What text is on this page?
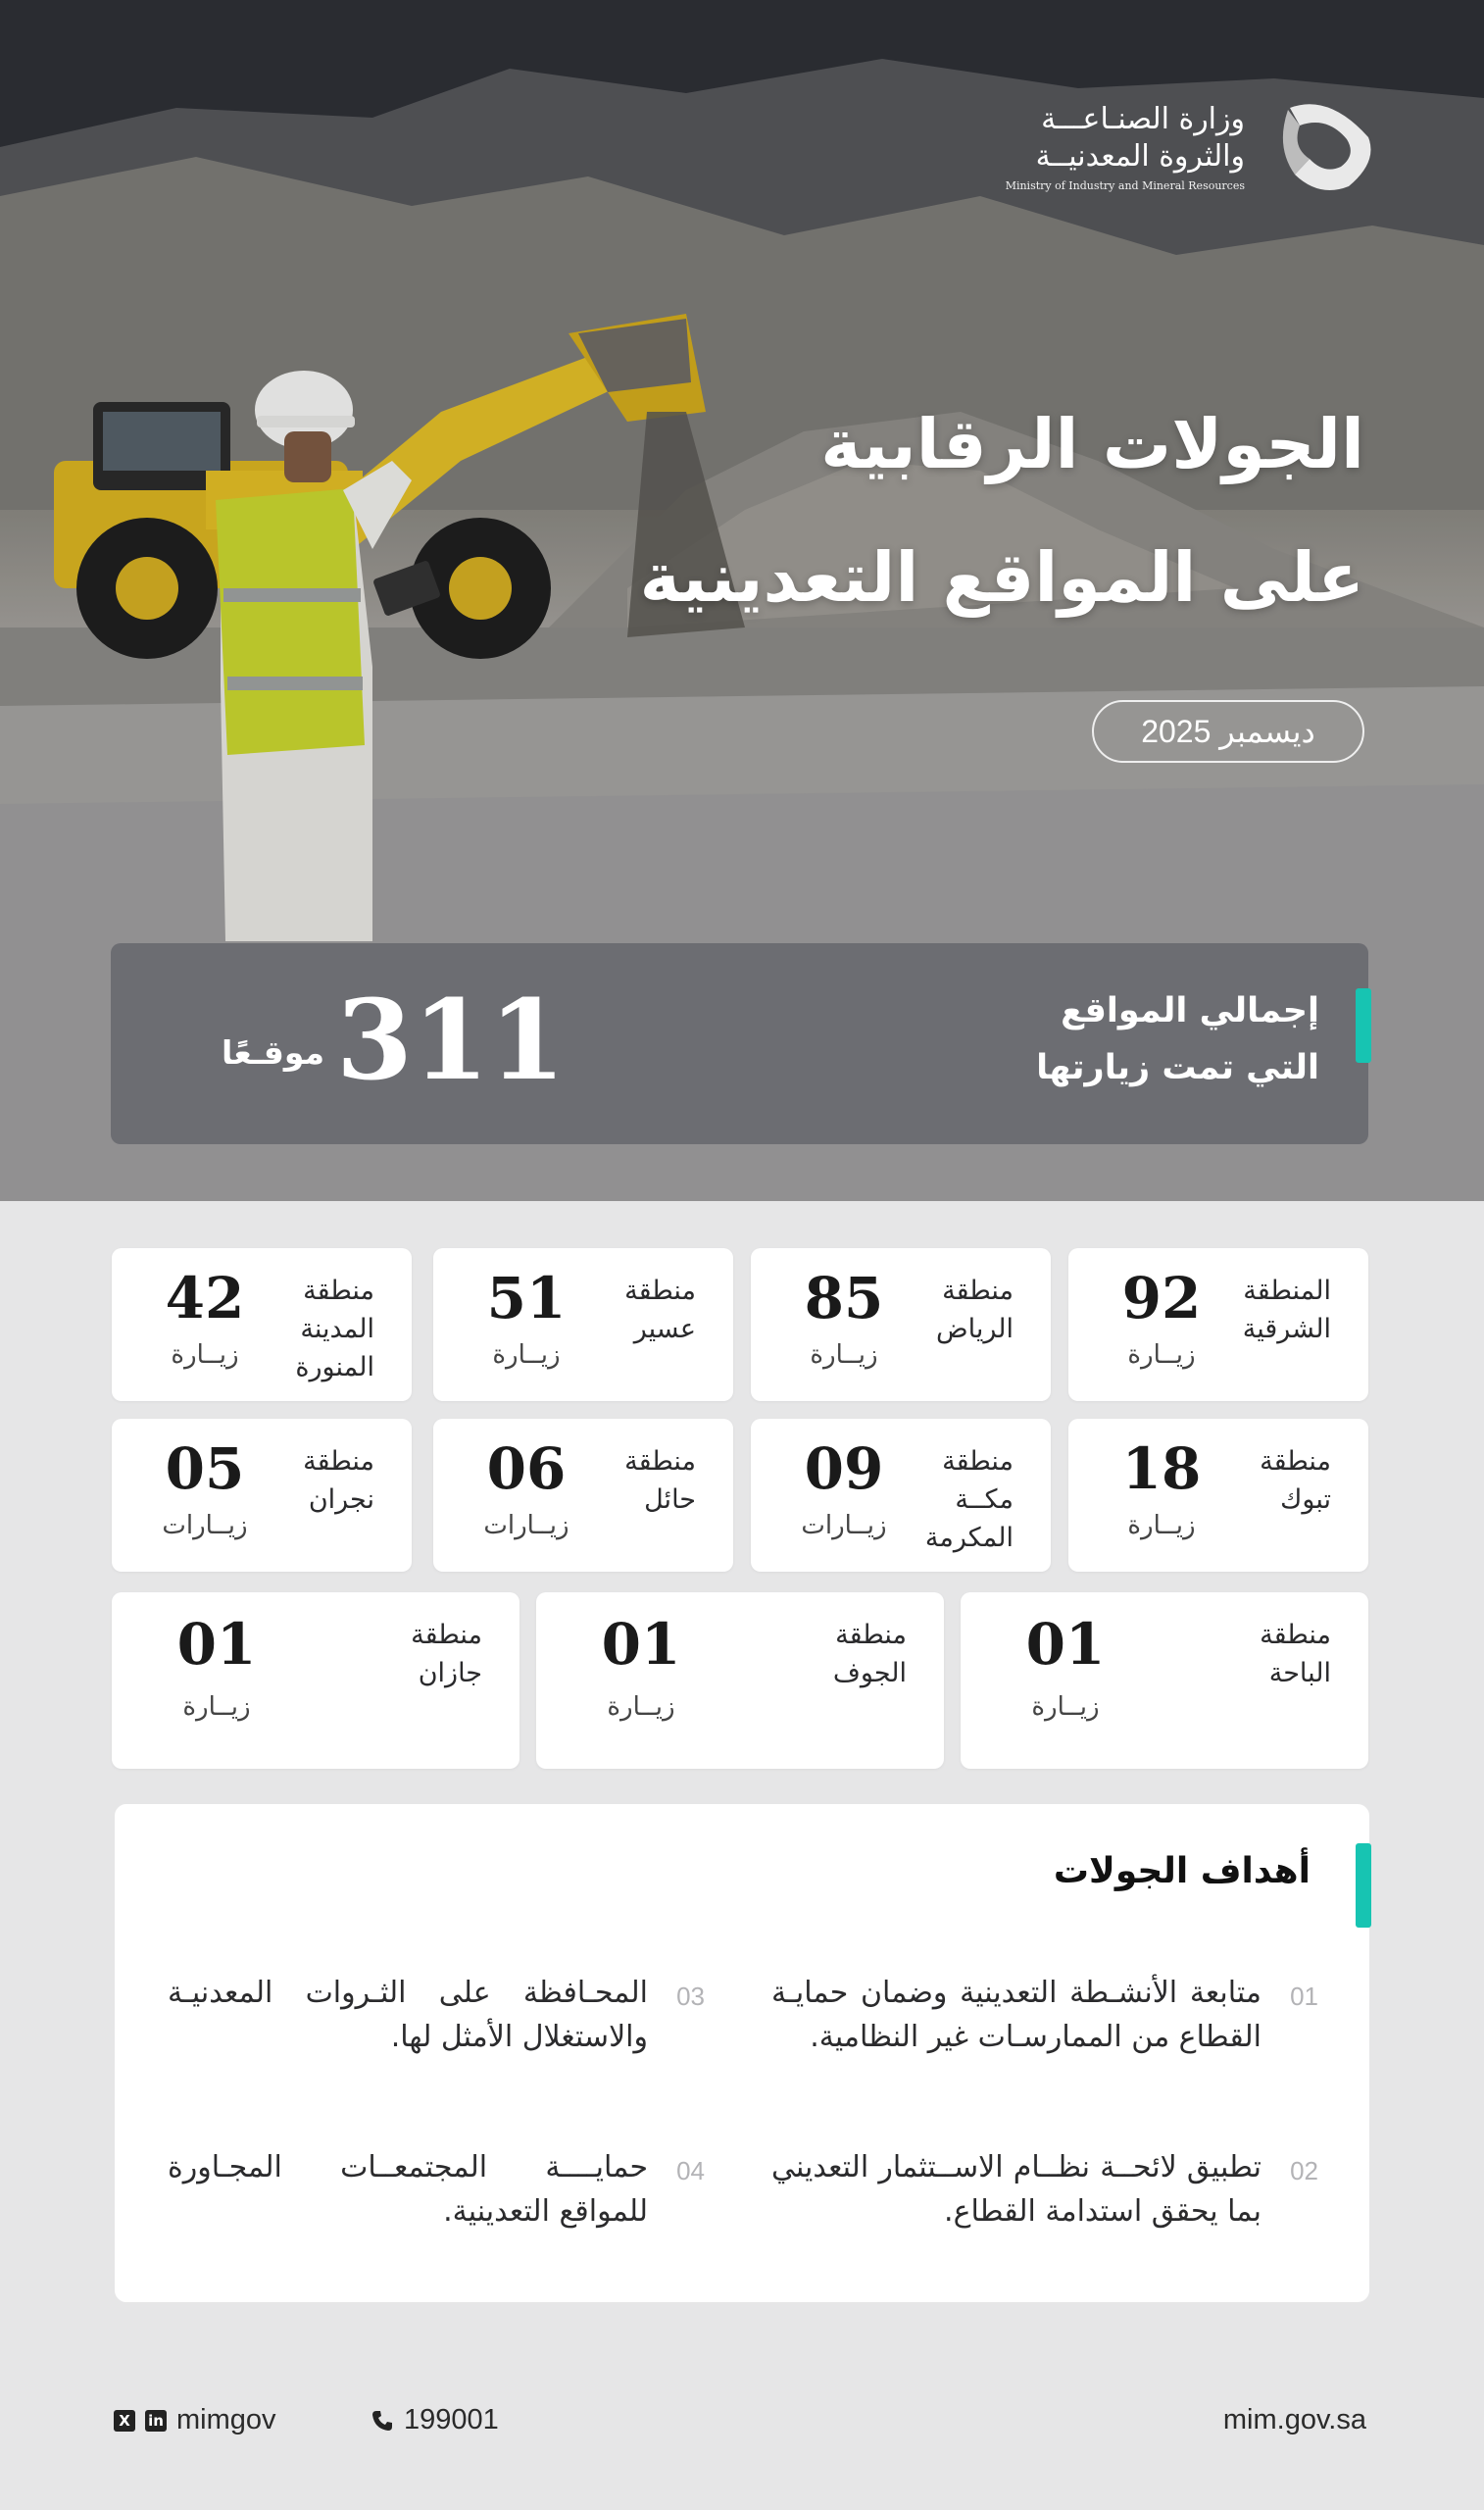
وزارة الصنـاعـــة
والثروة المعدنيــة
Ministry of Industry and Mineral Resources
الجولات الرقابية
على المواقع التعدينية
ديسمبر 2025
إجمالي المواقع
التي تمت زيارتها
311
موقـعًا
المنطقة
الشرقية
92
زيــارة
منطقة
الرياض
85
زيــارة
منطقة
عسير
51
زيــارة
منطقة
المدينة
المنورة
42
زيــارة
منطقة
تبوك
18
زيــارة
منطقة
مكــة
المكرمة
09
زيــارات
منطقة
حائل
06
زيــارات
منطقة
نجران
05
زيــارات
منطقة
الباحة
01
زيــارة
منطقة
الجوف
01
زيــارة
منطقة
جازان
01
زيــارة
أهداف الجولات
متابعة الأنشـطة التعدينية وضمان حمايـة القطاع من الممارسـات غير النظامية.
01
تطبيق لائحــة نظــام الاســتثمار التعديني بما يحقق استدامة القطاع.
02
المحـافظة على الثـروات المعدنيـة والاستغلال الأمثل لها.
03
حمايــــة المجتمعــات المجـاورة للمواقع التعدينية.
04
X	in mimgov	199001	mim.gov.sa
